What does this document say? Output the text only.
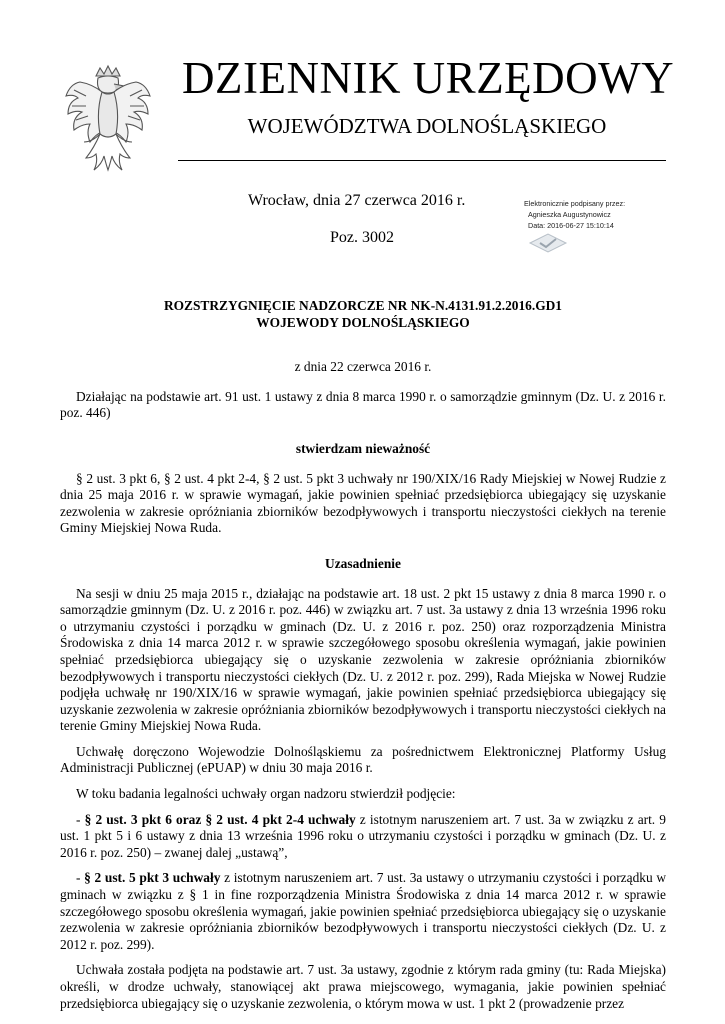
DZIENNIK URZĘDOWY
WOJEWÓDZTWA DOLNOŚLĄSKIEGO
Wrocław, dnia 27 czerwca 2016 r.
Poz. 3002
Elektronicznie podpisany przez:
Agnieszka Augustynowicz
Data: 2016-06-27 15:10:14
ROZSTRZYGNIĘCIE NADZORCZE NR NK-N.4131.91.2.2016.GD1
WOJEWODY DOLNOŚLĄSKIEGO
z dnia 22 czerwca 2016 r.
Działając na podstawie art. 91 ust. 1 ustawy z dnia 8 marca 1990 r. o samorządzie gminnym (Dz. U. z 2016 r. poz. 446)
stwierdzam nieważność
§ 2 ust. 3 pkt 6, § 2 ust. 4 pkt 2-4, § 2 ust. 5 pkt 3 uchwały nr 190/XIX/16 Rady Miejskiej w Nowej Rudzie z dnia 25 maja 2016 r. w sprawie wymagań, jakie powinien spełniać przedsiębiorca ubiegający się uzyskanie zezwolenia w zakresie opróżniania zbiorników bezodpływowych i transportu nieczystości ciekłych na terenie Gminy Miejskiej Nowa Ruda.
Uzasadnienie
Na sesji w dniu 25 maja 2015 r., działając na podstawie art. 18 ust. 2 pkt 15 ustawy z dnia 8 marca 1990 r. o samorządzie gminnym (Dz. U. z 2016 r. poz. 446) w związku art. 7 ust. 3a ustawy z dnia 13 września 1996 roku o utrzymaniu czystości i porządku w gminach (Dz. U. z 2016 r. poz. 250) oraz rozporządzenia Ministra Środowiska z dnia 14 marca 2012 r. w sprawie szczegółowego sposobu określenia wymagań, jakie powinien spełniać przedsiębiorca ubiegający się o uzyskanie zezwolenia w zakresie opróżniania zbiorników bezodpływowych i transportu nieczystości ciekłych (Dz. U. z 2012 r. poz. 299), Rada Miejska w Nowej Rudzie podjęła uchwałę nr 190/XIX/16 w sprawie wymagań, jakie powinien spełniać przedsiębiorca ubiegający się uzyskanie zezwolenia w zakresie opróżniania zbiorników bezodpływowych i transportu nieczystości ciekłych na terenie Gminy Miejskiej Nowa Ruda.
Uchwałę doręczono Wojewodzie Dolnośląskiemu za pośrednictwem Elektronicznej Platformy Usług Administracji Publicznej (ePUAP) w dniu 30 maja 2016 r.
W toku badania legalności uchwały organ nadzoru stwierdził podjęcie:
- § 2 ust. 3 pkt 6 oraz § 2 ust. 4 pkt 2-4 uchwały z istotnym naruszeniem art. 7 ust. 3a w związku z art. 9 ust. 1 pkt 5 i 6 ustawy z dnia 13 września 1996 roku o utrzymaniu czystości i porządku w gminach (Dz. U. z 2016 r. poz. 250) – zwanej dalej „ustawą”,
- § 2 ust. 5 pkt 3 uchwały z istotnym naruszeniem art. 7 ust. 3a ustawy o utrzymaniu czystości i porządku w gminach w związku z § 1 in fine rozporządzenia Ministra Środowiska z dnia 14 marca 2012 r. w sprawie szczegółowego sposobu określenia wymagań, jakie powinien spełniać przedsiębiorca ubiegający się o uzyskanie zezwolenia w zakresie opróżniania zbiorników bezodpływowych i transportu nieczystości ciekłych (Dz. U. z 2012 r. poz. 299).
Uchwała została podjęta na podstawie art. 7 ust. 3a ustawy, zgodnie z którym rada gminy (tu: Rada Miejska) określi, w drodze uchwały, stanowiącej akt prawa miejscowego, wymagania, jakie powinien spełniać przedsiębiorca ubiegający się o uzyskanie zezwolenia, o którym mowa w ust. 1 pkt 2 (prowadzenie przez
